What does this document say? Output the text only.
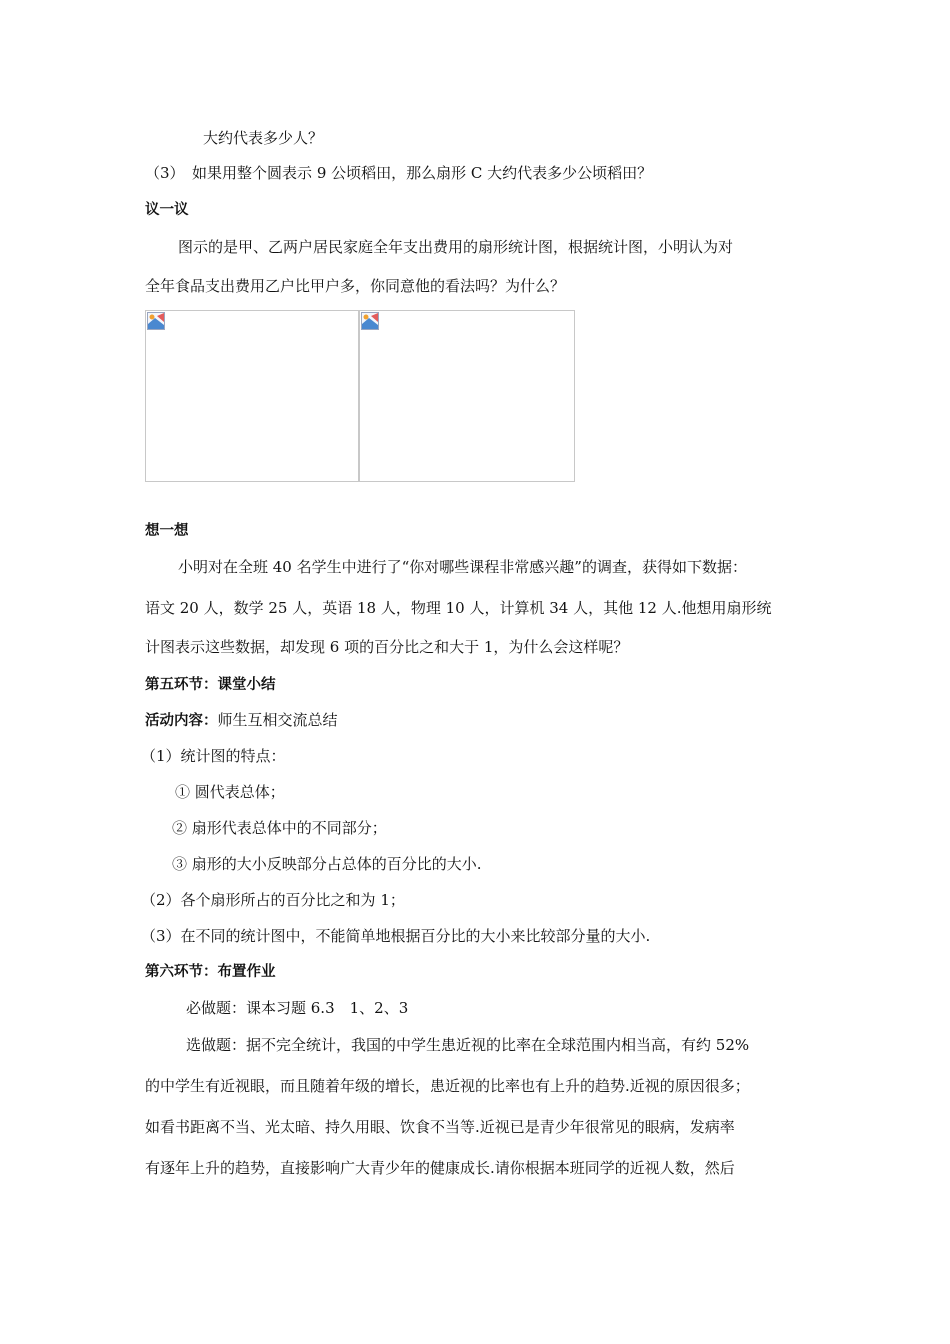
大约代表多少人？
（3）　如果用整个圆表示 9 公顷稻田，那么扇形 C 大约代表多少公顷稻田？
议一议
图示的是甲、乙两户居民家庭全年支出费用的扇形统计图，根据统计图，小明认为对
全年食品支出费用乙户比甲户多，你同意他的看法吗？为什么？
想一想
小明对在全班 40 名学生中进行了“你对哪些课程非常感兴趣”的调查，获得如下数据：
语文 20 人，数学 25 人，英语 18 人，物理 10 人，计算机 34 人，其他 12 人.他想用扇形统
计图表示这些数据，却发现 6 项的百分比之和大于 1，为什么会这样呢？
第五环节：课堂小结
活动内容：师生互相交流总结
（1）统计图的特点：
① 圆代表总体；
② 扇形代表总体中的不同部分；
③ 扇形的大小反映部分占总体的百分比的大小.
（2）各个扇形所占的百分比之和为 1；
（3）在不同的统计图中，不能简单地根据百分比的大小来比较部分量的大小.
第六环节：布置作业
必做题：课本习题 6.3　1、2、3
选做题：据不完全统计，我国的中学生患近视的比率在全球范围内相当高，有约 52%
的中学生有近视眼，而且随着年级的增长，患近视的比率也有上升的趋势.近视的原因很多；
如看书距离不当、光太暗、持久用眼、饮食不当等.近视已是青少年很常见的眼病，发病率
有逐年上升的趋势，直接影响广大青少年的健康成长.请你根据本班同学的近视人数，然后
